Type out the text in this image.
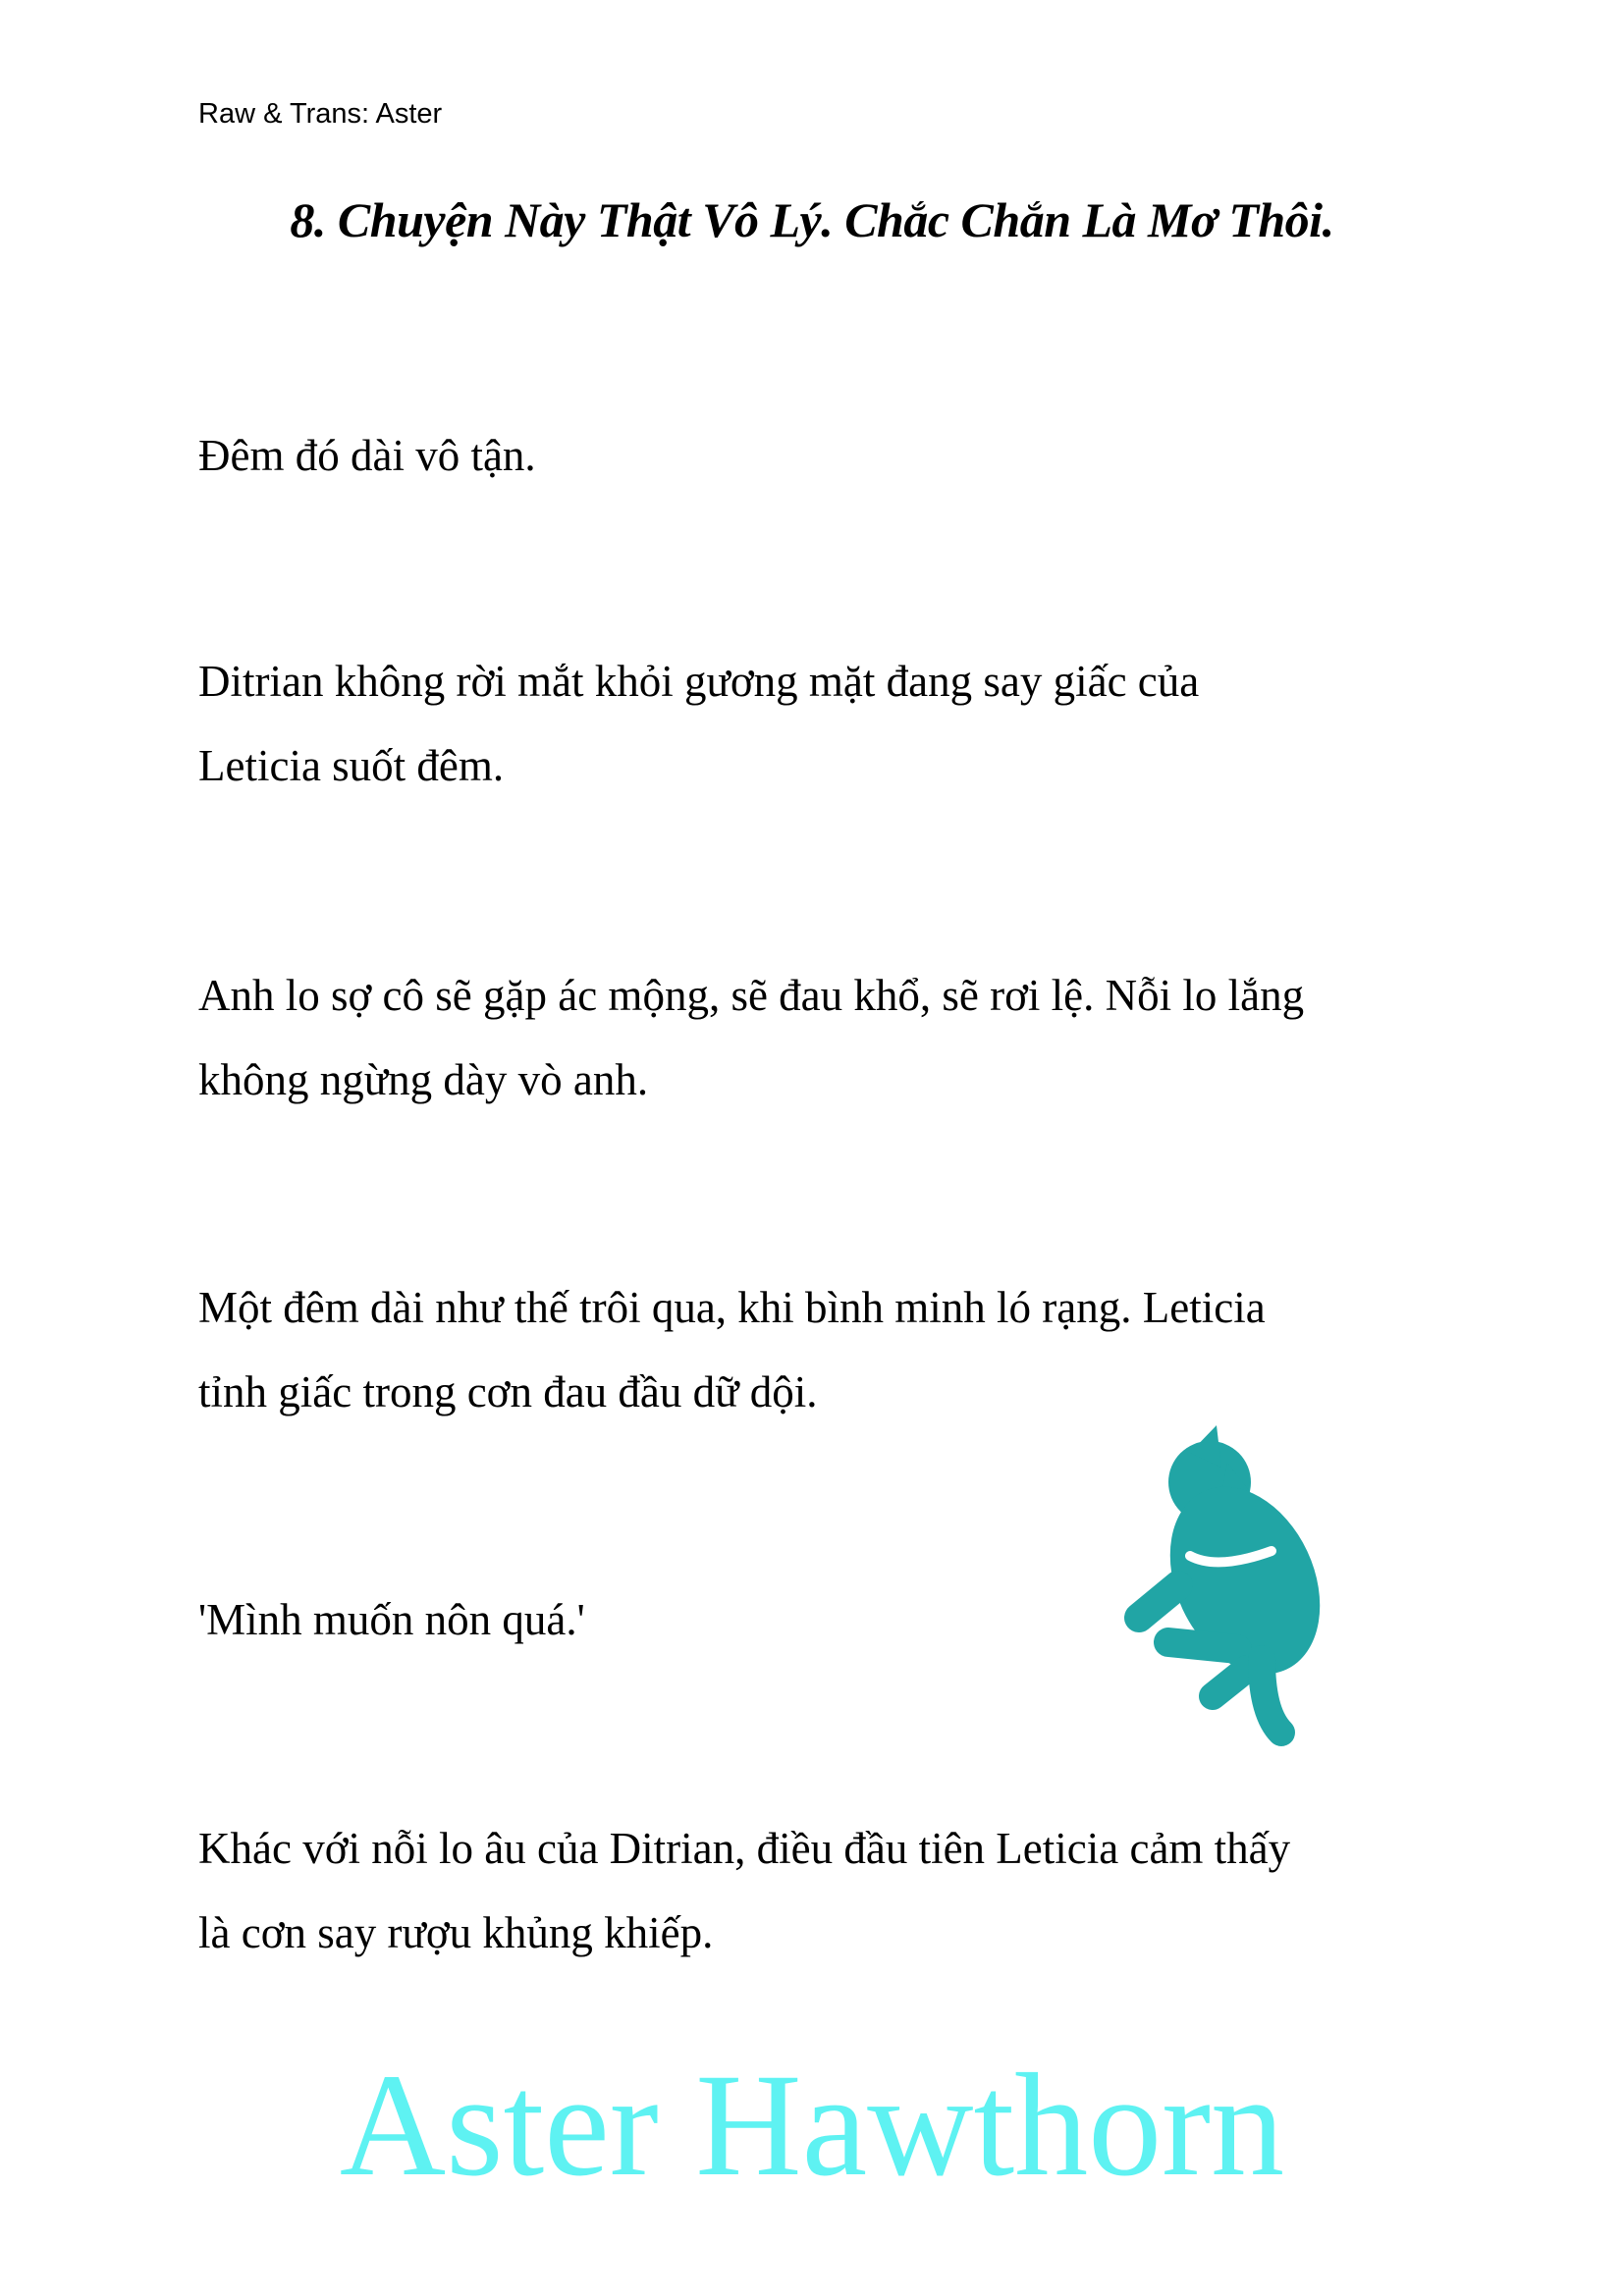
Raw & Trans: Aster
8. Chuyện Này Thật Vô Lý. Chắc Chắn Là Mơ Thôi.
Đêm đó dài vô tận.
Ditrian không rời mắt khỏi gương mặt đang say giấc của
Leticia suốt đêm.
Anh lo sợ cô sẽ gặp ác mộng, sẽ đau khổ, sẽ rơi lệ. Nỗi lo lắng
không ngừng dày vò anh.
Một đêm dài như thế trôi qua, khi bình minh ló rạng. Leticia
tỉnh giấc trong cơn đau đầu dữ dội.
'Mình muốn nôn quá.'
Khác với nỗi lo âu của Ditrian, điều đầu tiên Leticia cảm thấy
là cơn say rượu khủng khiếp.
Aster Hawthorn
